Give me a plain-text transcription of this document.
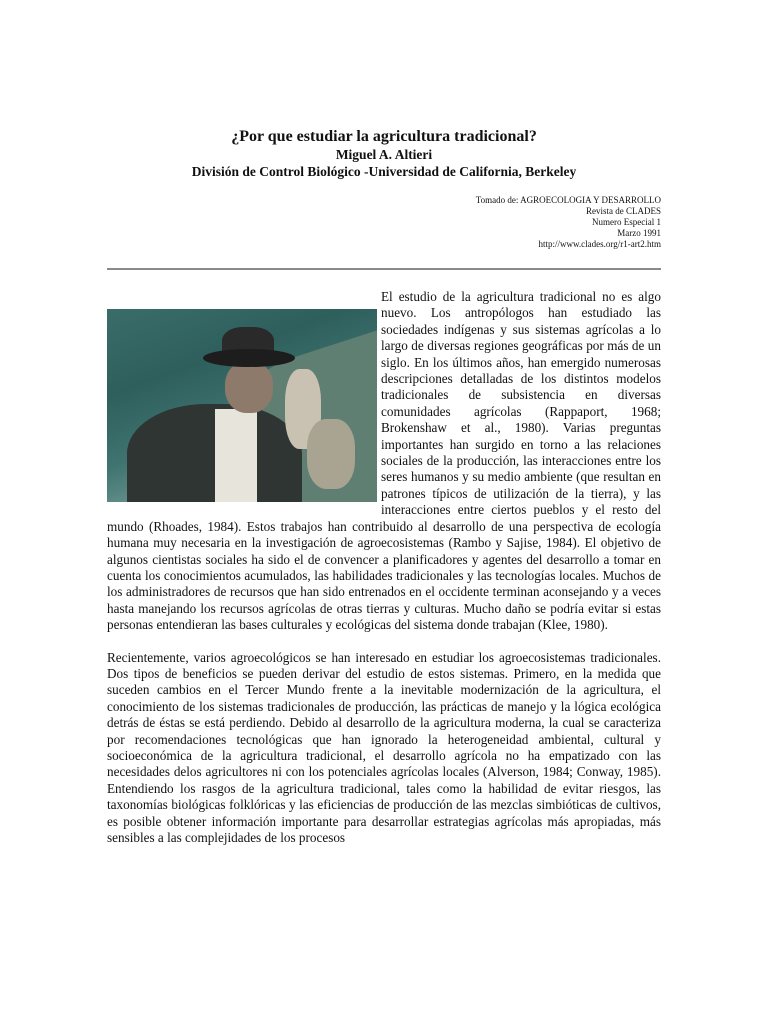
¿Por que estudiar la agricultura tradicional?
Miguel A. Altieri
División de Control Biológico -Universidad de California, Berkeley
Tomado de: AGROECOLOGIA Y DESARROLLO
Revista de CLADES
Numero Especial 1
Marzo 1991
http://www.clades.org/r1-art2.htm

El estudio de la agricultura tradicional no es algo nuevo. Los antropólogos han estudiado las sociedades indígenas y sus sistemas agrícolas a lo largo de diversas regiones geográficas por más de un siglo. En los últimos años, han emergido numerosas descripciones detalladas de los distintos modelos tradicionales de subsistencia en diversas comunidades agrícolas (Rappaport, 1968; Brokenshaw et al., 1980). Varias preguntas importantes han surgido en torno a las relaciones sociales de la producción, las interacciones entre los seres humanos y su medio ambiente (que resultan en patrones típicos de utilización de la tierra), y las interacciones entre ciertos pueblos y el resto del mundo (Rhoades, 1984). Estos trabajos han contribuido al desarrollo de una perspectiva de ecología humana muy necesaria en la investigación de agroecosistemas (Rambo y Sajise, 1984). El objetivo de algunos cientistas sociales ha sido el de convencer a planificadores y agentes del desarrollo a tomar en cuenta los conocimientos acumulados, las habilidades tradicionales y las tecnologías locales. Muchos de los administradores de recursos que han sido entrenados en el occidente terminan aconsejando y a veces hasta manejando los recursos agrícolas de otras tierras y culturas. Mucho daño se podría evitar si estas personas entendieran las bases culturales y ecológicas del sistema donde trabajan (Klee, 1980).

Recientemente, varios agroecológicos se han interesado en estudiar los agroecosistemas tradicionales. Dos tipos de beneficios se pueden derivar del estudio de estos sistemas. Primero, en la medida que suceden cambios en el Tercer Mundo frente a la inevitable modernización de la agricultura, el conocimiento de los sistemas tradicionales de producción, las prácticas de manejo y la lógica ecológica detrás de éstas se está perdiendo. Debido al desarrollo de la agricultura moderna, la cual se caracteriza por recomendaciones tecnológicas que han ignorado la heterogeneidad ambiental, cultural y socioeconómica de la agricultura tradicional, el desarrollo agrícola no ha empatizado con las necesidades delos agricultores ni con los potenciales agrícolas locales (Alverson, 1984; Conway, 1985). Entendiendo los rasgos de la agricultura tradicional, tales como la habilidad de evitar riesgos, las taxonomías biológicas folklóricas y las eficiencias de producción de las mezclas simbióticas de cultivos, es posible obtener información importante para desarrollar estrategias agrícolas más apropiadas, más sensibles a las complejidades de los procesos
